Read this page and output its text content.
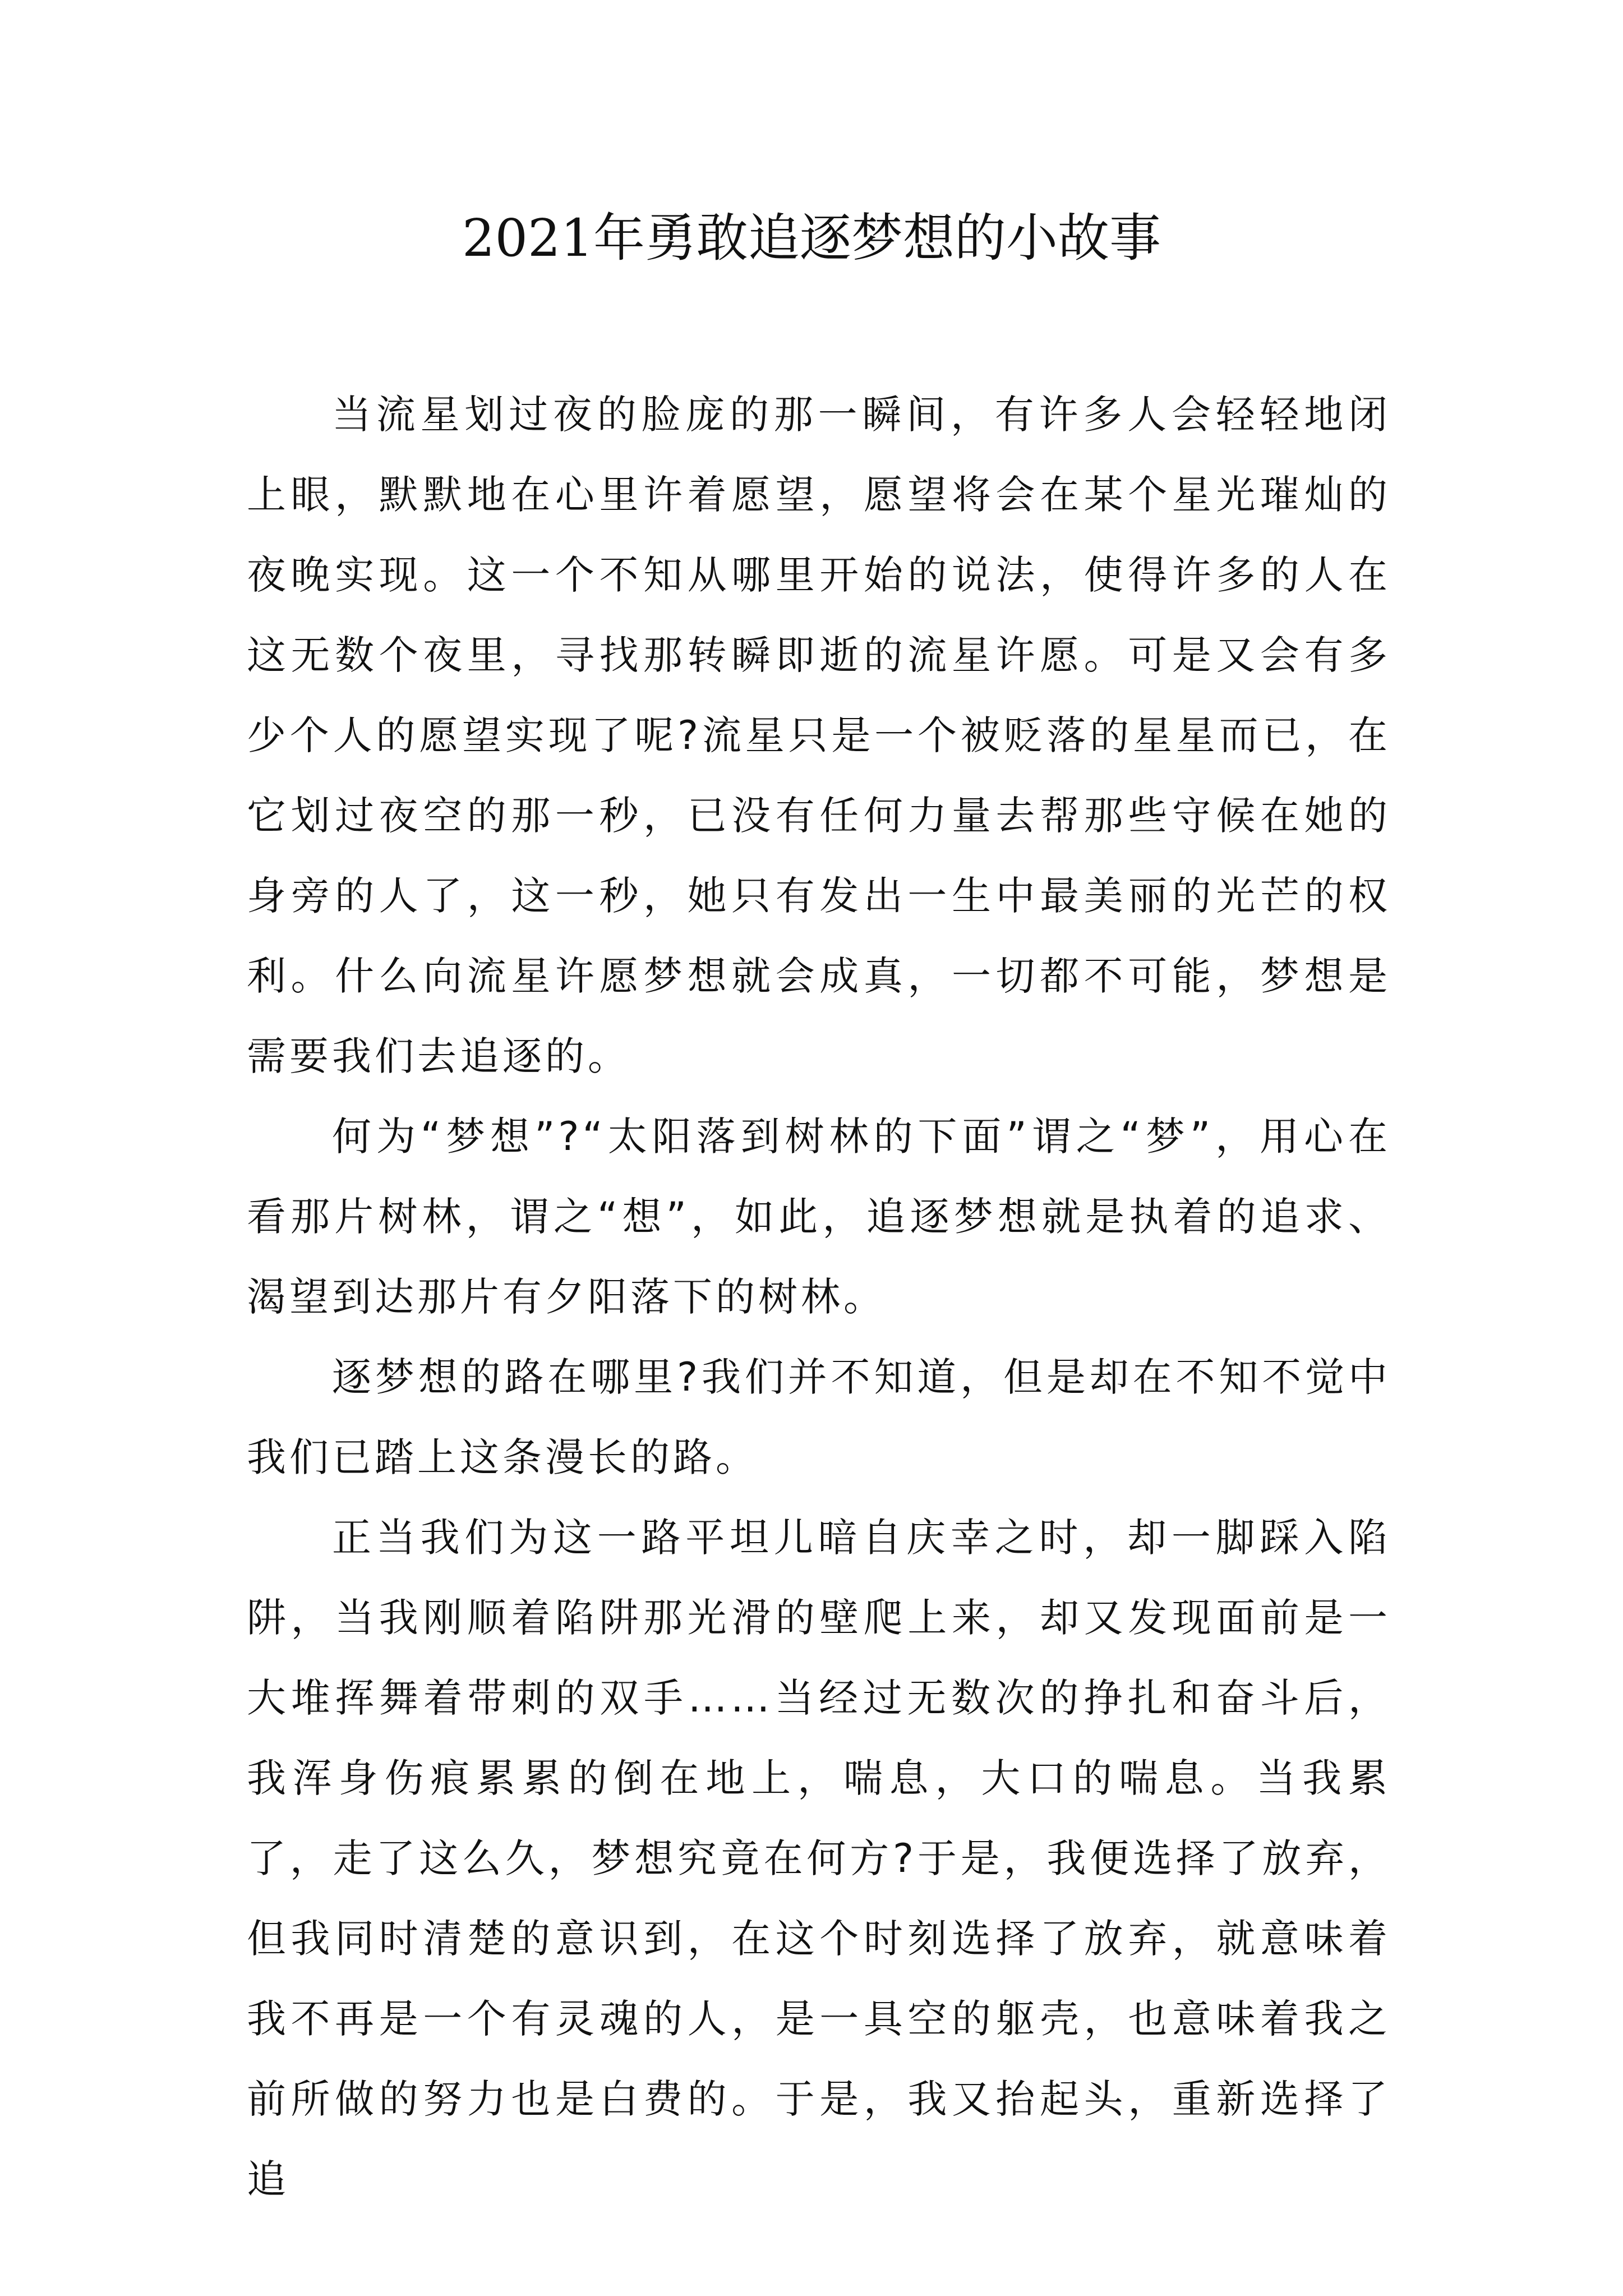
2021年勇敢追逐梦想的小故事

当流星划过夜的脸庞的那一瞬间，有许多人会轻轻地闭上眼，默默地在心里许着愿望，愿望将会在某个星光璀灿的夜晚实现。这一个不知从哪里开始的说法，使得许多的人在这无数个夜里，寻找那转瞬即逝的流星许愿。可是又会有多少个人的愿望实现了呢?流星只是一个被贬落的星星而已，在它划过夜空的那一秒，已没有任何力量去帮那些守候在她的身旁的人了，这一秒，她只有发出一生中最美丽的光芒的权利。什么向流星许愿梦想就会成真，一切都不可能，梦想是需要我们去追逐的。

何为“梦想”?“太阳落到树林的下面”谓之“梦”，用心在看那片树林，谓之“想”，如此，追逐梦想就是执着的追求、渴望到达那片有夕阳落下的树林。

逐梦想的路在哪里?我们并不知道，但是却在不知不觉中我们已踏上这条漫长的路。

正当我们为这一路平坦儿暗自庆幸之时，却一脚踩入陷阱，当我刚顺着陷阱那光滑的壁爬上来，却又发现面前是一大堆挥舞着带刺的双手……当经过无数次的挣扎和奋斗后，我浑身伤痕累累的倒在地上，喘息，大口的喘息。当我累了，走了这么久，梦想究竟在何方?于是，我便选择了放弃，但我同时清楚的意识到，在这个时刻选择了放弃，就意味着我不再是一个有灵魂的人，是一具空的躯壳，也意味着我之前所做的努力也是白费的。于是，我又抬起头，重新选择了追
